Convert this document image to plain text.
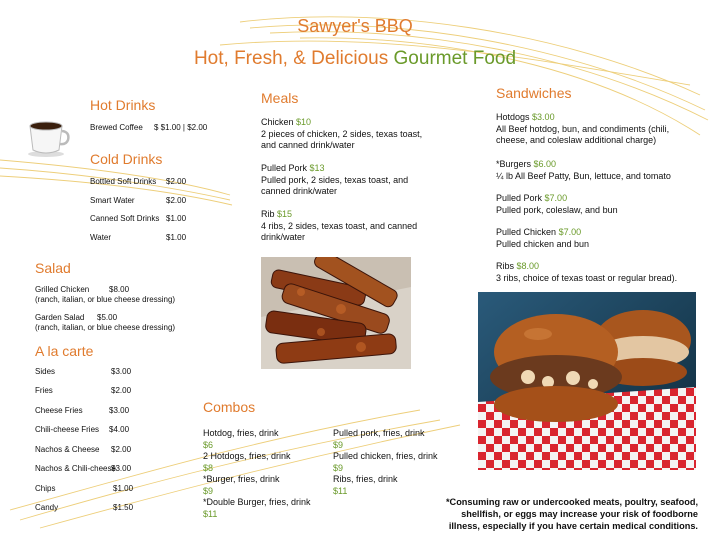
Sawyer's BBQ
Hot, Fresh, & Delicious Gourmet Food
Hot Drinks
Brewed Coffee $ $1.00 | $2.00
Cold Drinks
Bottled Soft Drinks $2.00
Smart Water	$2.00
Canned Soft Drinks $1.00
Water	$1.00
Salad
Grilled Chicken $8.00
(ranch, italian, or blue cheese dressing)
Garden Salad $5.00
(ranch, italian, or blue cheese dressing)
A la carte
Sides	$3.00
Fries	$2.00
Cheese Fries	$3.00
Chili-cheese Fries $4.00
Nachos & Cheese $2.00
Nachos & Chili-cheese
$3.00
Chips	$1.00
Candy	$1.50
Meals
Chicken $10
2 pieces of chicken, 2 sides, texas toast, and canned drink/water
Pulled Pork $13
Pulled pork, 2 sides, texas toast, and canned drink/water
Rib $15
4 ribs, 2 sides, texas toast, and canned drink/water
Sandwiches
Hotdogs $3.00
All Beef hotdog, bun, and condiments (chili, cheese, and coleslaw additional charge)
*Burgers $6.00
¼ lb All Beef Patty, Bun, lettuce, and tomato
Pulled Pork $7.00
Pulled pork, coleslaw, and bun
Pulled Chicken $7.00
Pulled chicken and bun
Ribs $8.00
3 ribs, choice of texas toast or regular bread).
Combos
Hotdog, fries, drink
$6
2 Hotdogs, fries, drink
$8
*Burger, fries, drink
$9
*Double Burger, fries, drink
$11
Pulled pork, fries, drink
$9
Pulled chicken, fries, drink
$9
Ribs, fries, drink
$11
*Consuming raw or undercooked meats, poultry, seafood,
shellfish, or eggs may increase your risk of foodborne
illness, especially if you have certain medical conditions.
